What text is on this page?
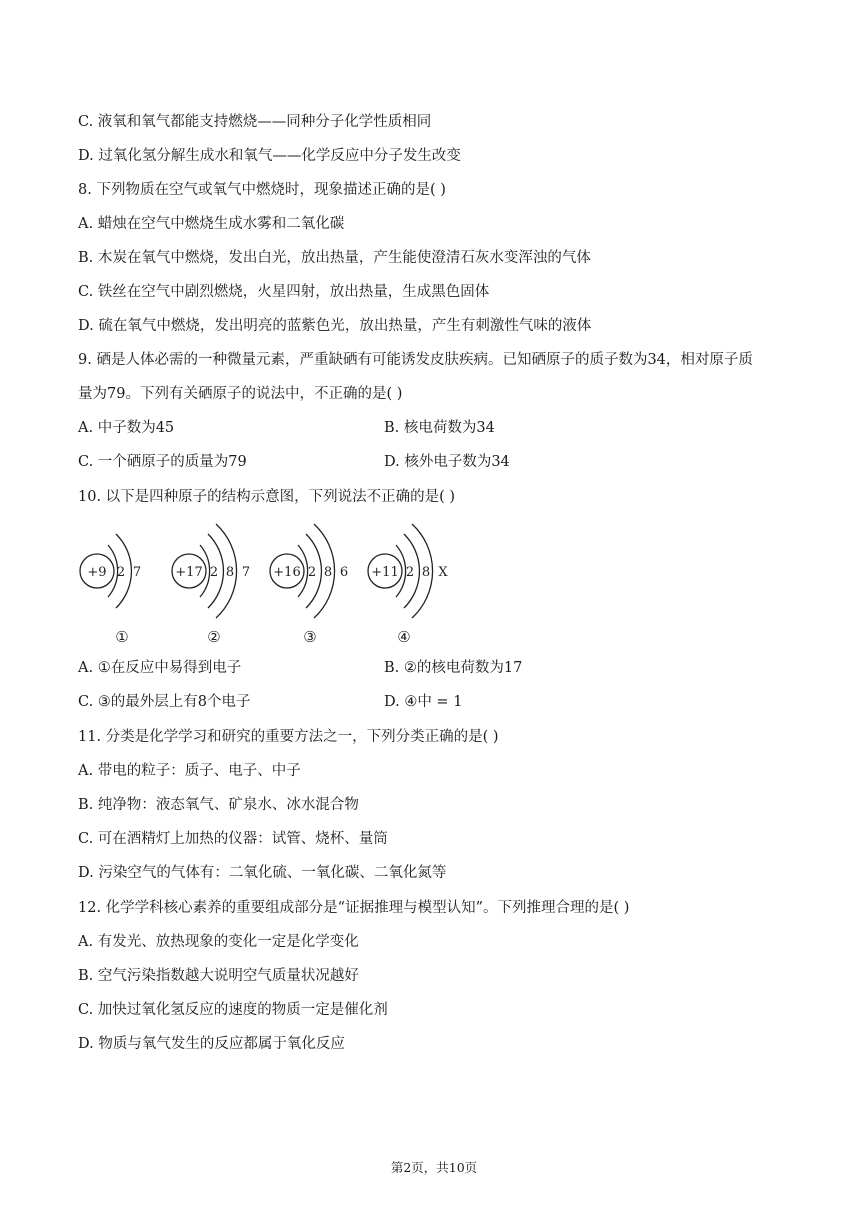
C. 液氧和氧气都能支持燃烧——同种分子化学性质相同
D. 过氧化氢分解生成水和氧气——化学反应中分子发生改变
8. 下列物质在空气或氧气中燃烧时，现象描述正确的是( )
A. 蜡烛在空气中燃烧生成水雾和二氧化碳
B. 木炭在氧气中燃烧，发出白光，放出热量，产生能使澄清石灰水变浑浊的气体
C. 铁丝在空气中剧烈燃烧，火星四射，放出热量，生成黑色固体
D. 硫在氧气中燃烧，发出明亮的蓝紫色光，放出热量，产生有刺激性气味的液体
9. 硒是人体必需的一种微量元素，严重缺硒有可能诱发皮肤疾病。已知硒原子的质子数为34，相对原子质
量为79。下列有关硒原子的说法中，不正确的是( )
A. 中子数为45	B. 核电荷数为34
C. 一个硒原子的质量为79	D. 核外电子数为34
10. 以下是四种原子的结构示意图，下列说法不正确的是( )
+9 2 7
①
+17 2 8 7
②
+16 2 8 6
③
+11 2 8 X
④
A. ①在反应中易得到电子	B. ②的核电荷数为17
C. ③的最外层上有8个电子	D. ④中 = 1
11. 分类是化学学习和研究的重要方法之一，下列分类正确的是( )
A. 带电的粒子：质子、电子、中子
B. 纯净物：液态氧气、矿泉水、冰水混合物
C. 可在酒精灯上加热的仪器：试管、烧杯、量筒
D. 污染空气的气体有：二氧化硫、一氧化碳、二氧化氮等
12. 化学学科核心素养的重要组成部分是“证据推理与模型认知”。下列推理合理的是( )
A. 有发光、放热现象的变化一定是化学变化
B. 空气污染指数越大说明空气质量状况越好
C. 加快过氧化氢反应的速度的物质一定是催化剂
D. 物质与氧气发生的反应都属于氧化反应
第2页，共10页
